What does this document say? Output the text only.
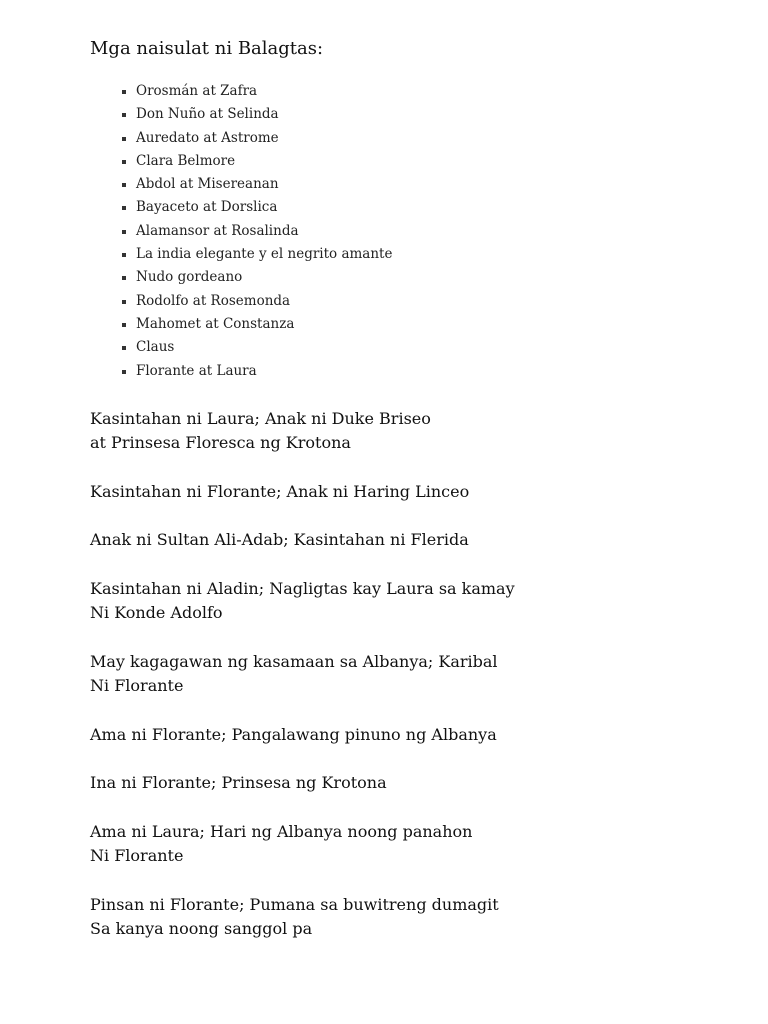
Mga naisulat ni Balagtas:
Orosmán at Zafra
Don Nuño at Selinda
Auredato at Astrome
Clara Belmore
Abdol at Misereanan
Bayaceto at Dorslica
Alamansor at Rosalinda
La india elegante y el negrito amante
Nudo gordeano
Rodolfo at Rosemonda
Mahomet at Constanza
Claus
Florante at Laura

Kasintahan ni Laura; Anak ni Duke Briseo
at Prinsesa Floresca ng Krotona

Kasintahan ni Florante; Anak ni Haring Linceo

Anak ni Sultan Ali-Adab; Kasintahan ni Flerida

Kasintahan ni Aladin; Nagligtas kay Laura sa kamay
Ni Konde Adolfo

May kagagawan ng kasamaan sa Albanya; Karibal
Ni Florante

Ama ni Florante; Pangalawang pinuno ng Albanya

Ina ni Florante; Prinsesa ng Krotona

Ama ni Laura; Hari ng Albanya noong panahon
Ni Florante

Pinsan ni Florante; Pumana sa buwitreng dumagit
Sa kanya noong sanggol pa
